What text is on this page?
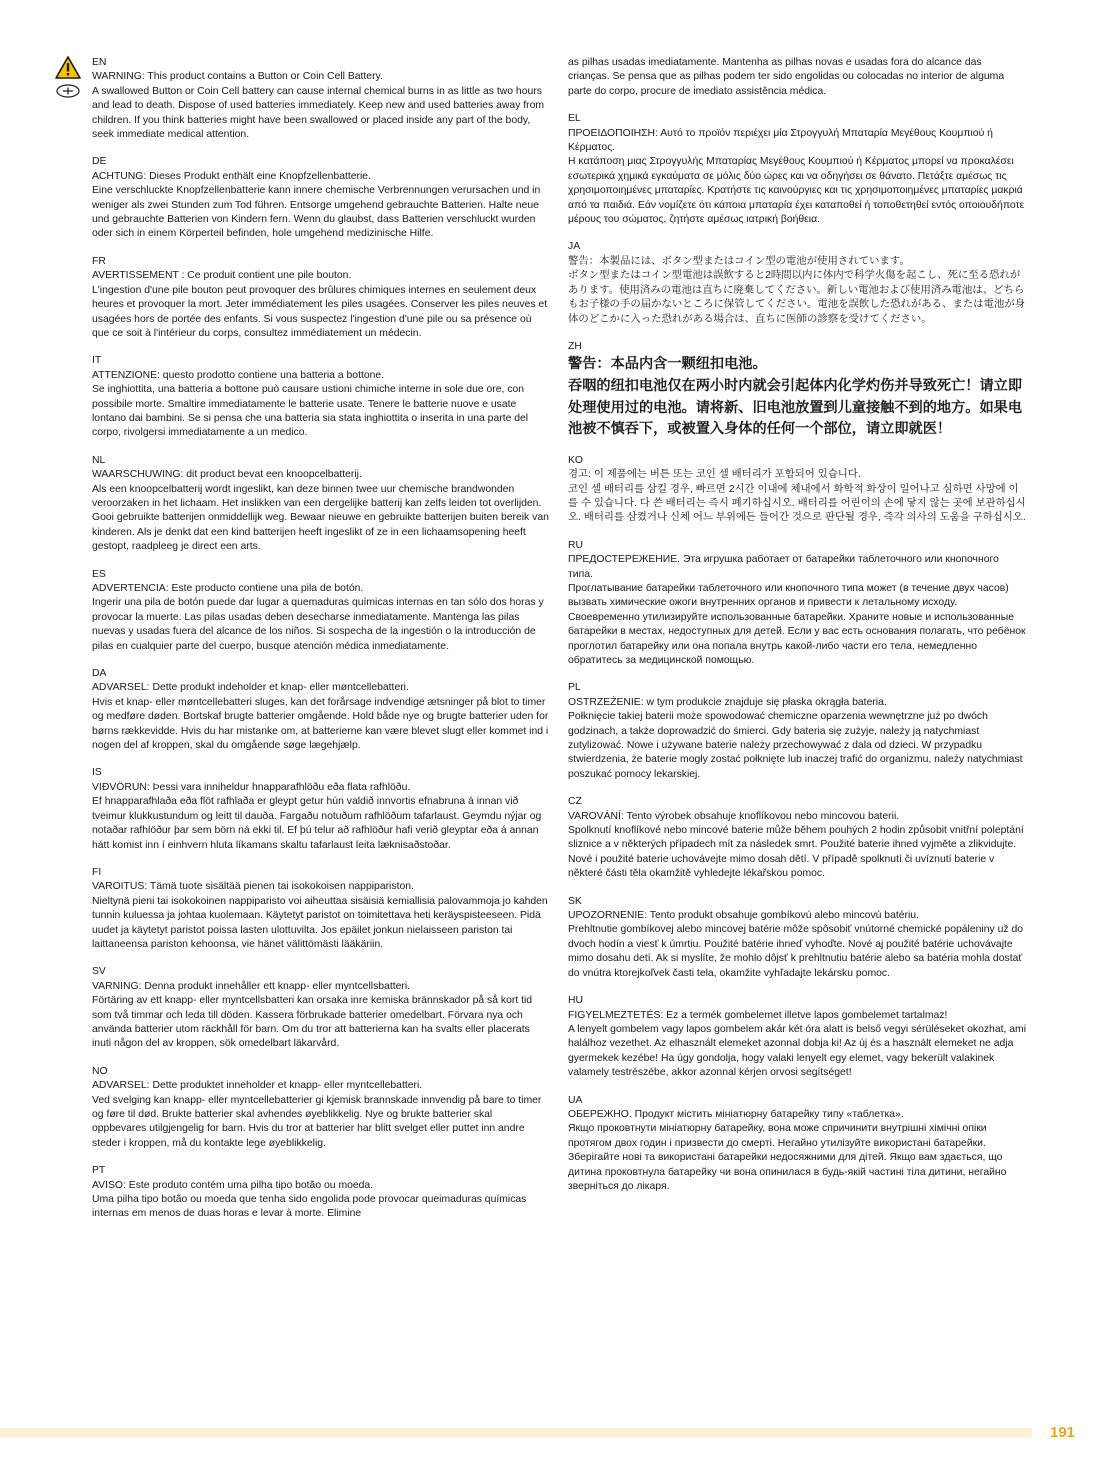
EN

WARNING: This product contains a Button or Coin Cell Battery.

A swallowed Button or Coin Cell battery can cause internal chemical burns in as little as two hours and lead to death. Dispose of used batteries immediately. Keep new and used batteries away from children. If you think batteries might have been swallowed or placed inside any part of the body, seek immediate medical attention.

DE

ACHTUNG: Dieses Produkt enthält eine Knopfzellenbatterie.

Eine verschluckte Knopfzellenbatterie kann innere chemische Verbrennungen verursachen und in weniger als zwei Stunden zum Tod führen. Entsorge umgehend gebrauchte Batterien. Halte neue und gebrauchte Batterien von Kindern fern. Wenn du glaubst, dass Batterien verschluckt wurden oder sich in einem Körperteil befinden, hole umgehend medizinische Hilfe.

FR

AVERTISSEMENT : Ce produit contient une pile bouton.

L'ingestion d'une pile bouton peut provoquer des brûlures chimiques internes en seulement deux heures et provoquer la mort. Jeter immédiatement les piles usagées. Conserver les piles neuves et usagées hors de portée des enfants. Si vous suspectez l'ingestion d'une pile ou sa présence où que ce soit à l'intérieur du corps, consultez immédiatement un médecin.

IT

ATTENZIONE: questo prodotto contiene una batteria a bottone.

Se inghiottita, una batteria a bottone può causare ustioni chimiche interne in sole due ore, con possibile morte. Smaltire immediatamente le batterie usate. Tenere le batterie nuove e usate lontano dai bambini. Se si pensa che una batteria sia stata inghiottita o inserita in una parte del corpo, rivolgersi immediatamente a un medico.

NL

WAARSCHUWING: dit product bevat een knoopcelbatterij.

Als een knoopcelbatterij wordt ingeslikt, kan deze binnen twee uur chemische brandwonden veroorzaken in het lichaam. Het inslikken van een dergelijke batterij kan zelfs leiden tot overlijden. Gooi gebruikte batterijen onmiddellijk weg. Bewaar nieuwe en gebruikte batterijen buiten bereik van kinderen. Als je denkt dat een kind batterijen heeft ingeslikt of ze in een lichaamsopening heeft gestopt, raadpleeg je direct een arts.

ES

ADVERTENCIA: Este producto contiene una pila de botón.

Ingerir una pila de botón puede dar lugar a quemaduras químicas internas en tan sólo dos horas y provocar la muerte. Las pilas usadas deben desecharse inmediatamente. Mantenga las pilas nuevas y usadas fuera del alcance de los niños. Si sospecha de la ingestión o la introducción de pilas en cualquier parte del cuerpo, busque atención médica inmediatamente.

DA

ADVARSEL: Dette produkt indeholder et knap- eller møntcellebatteri.

Hvis et knap- eller møntcellebatteri sluges, kan det forårsage indvendige ætsninger på blot to timer og medføre døden. Bortskaf brugte batterier omgående. Hold både nye og brugte batterier uden for børns rækkevidde. Hvis du har mistanke om, at batterierne kan være blevet slugt eller kommet ind i nogen del af kroppen, skal du omgående søge lægehjælp.

IS

VIÐVÖRUN: Þessi vara inniheldur hnapparafhlöðu eða flata rafhlöðu.

Ef hnapparafhlaða eða flöt rafhlaða er gleypt getur hún valdið innvortis efnabruna á innan við tveimur klukkustundum og leitt til dauða. Fargaðu notuðum rafhlöðum tafarlaust. Geymdu nýjar og notaðar rafhlöður þar sem börn ná ekki til. Ef þú telur að rafhlöður hafi verið gleyptar eða á annan hátt komist inn í einhvern hluta líkamans skaltu tafarlaust leita læknisaðstoðar.

FI

VAROITUS: Tämä tuote sisältää pienen tai isokokoisen nappipariston.

Nieltynä pieni tai isokokoinen nappiparisto voi aiheuttaa sisäisiä kemiallisia palovammoja jo kahden tunnin kuluessa ja johtaa kuolemaan. Käytetyt paristot on toimitettava heti keräyspisteeseen. Pidä uudet ja käytetyt paristot poissa lasten ulottuvilta. Jos epäilet jonkun nielaisseen pariston tai laittaneensa pariston kehoonsa, vie hänet välittömästi lääkäriin.

SV

VARNING: Denna produkt innehåller ett knapp- eller myntcellsbatteri.

Förtäring av ett knapp- eller myntcellsbatteri kan orsaka inre kemiska brännskador på så kort tid som två timmar och leda till döden. Kassera förbrukade batterier omedelbart. Förvara nya och använda batterier utom räckhåll för barn. Om du tror att batterierna kan ha svalts eller placerats inuti någon del av kroppen, sök omedelbart läkarvård.

NO

ADVARSEL: Dette produktet inneholder et knapp- eller myntcellebatteri.

Ved svelging kan knapp- eller myntcellebatterier gi kjemisk brannskade innvendig på bare to timer og føre til død. Brukte batterier skal avhendes øyeblikkelig. Nye og brukte batterier skal oppbevares utilgjengelig for barn. Hvis du tror at batterier har blitt svelget eller puttet inn andre steder i kroppen, må du kontakte lege øyeblikkelig.

PT

AVISO: Este produto contém uma pilha tipo botão ou moeda.

Uma pilha tipo botão ou moeda que tenha sido engolida pode provocar queimaduras químicas internas em menos de duas horas e levar à morte. Elimine

as pilhas usadas imediatamente. Mantenha as pilhas novas e usadas fora do alcance das crianças. Se pensa que as pilhas podem ter sido engolidas ou colocadas no interior de alguma parte do corpo, procure de imediato assistência médica.

EL

ΠΡΟΕΙΔΟΠΟΙΗΣΗ: Αυτό το προϊόν περιέχει μία Στρογγυλή Μπαταρία Μεγέθους Κουμπιού ή Κέρματος.

Η κατάποση μιας Στρογγυλής Μπαταρίας Μεγέθους Κουμπιού ή Κέρματος μπορεί να προκαλέσει εσωτερικά χημικά εγκαύματα σε μόλις δύο ώρες και να οδηγήσει σε θάνατο. Πετάξτε αμέσως τις χρησιμοποιημένες μπαταρίες. Κρατήστε τις καινούργιες και τις χρησιμοποιημένες μπαταρίες μακριά από τα παιδιά. Εάν νομίζετε ότι κάποια μπαταρία έχει καταποθεί ή τοποθετηθεί εντός οποιουδήποτε μέρους του σώματος, ζητήστε αμέσως ιατρική βοήθεια.

JA

警告：本製品には、ボタン型またはコイン型の電池が使用されています。

ボタン型またはコイン型電池は誤飲すると2時間以内に体内で科学火傷を起こし、死に至る恐れがあります。使用済みの電池は直ちに廃棄してください。新しい電池および使用済み電池は、どちらもお子様の手の届かないところに保管してください。電池を誤飲した恐れがある、または電池が身体のどこかに入った恐れがある場合は、直ちに医師の診察を受けてください。

ZH

警告：本品内含一颗纽扣电池。

吞咽的纽扣电池仅在两小时内就会引起体内化学灼伤并导致死亡！请立即处理使用过的电池。请将新、旧电池放置到儿童接触不到的地方。如果电池被不慎吞下，或被置入身体的任何一个部位，请立即就医！

KO

경고: 이 제품에는 버튼 또는 코인 셀 배터리가 포함되어 있습니다.

코인 셀 배터리를 삼킬 경우, 빠르면 2시간 이내에 체내에서 화학적 화상이 일어나고 심하면 사망에 이를 수 있습니다. 다 쓴 배터리는 즉시 폐기하십시오. 배터리를 어린이의 손에 닿지 않는 곳에 보관하십시오. 배터리를 삼켰거나 신체 어느 부위에든 들어간 것으로 판단될 경우, 즉각 의사의 도움을 구하십시오.

RU

ПРЕДОСТЕРЕЖЕНИЕ. Эта игрушка работает от батарейки таблеточного или кнопочного типа.

Проглатывание батарейки таблеточного или кнопочного типа может (в течение двух часов) вызвать химические ожоги внутренних органов и привести к летальному исходу. Своевременно утилизируйте использованные батарейки. Храните новые и использованные батарейки в местах, недоступных для детей. Если у вас есть основания полагать, что ребёнок проглотил батарейку или она попала внутрь какой-либо части его тела, немедленно обратитесь за медицинской помощью.

PL

OSTRZEŻENIE: w tym produkcie znajduje się płaska okrągła bateria.

Połknięcie takiej baterii może spowodować chemiczne oparzenia wewnętrzne już po dwóch godzinach, a także doprowadzić do śmierci. Gdy bateria się zużyje, należy ją natychmiast zutylizować. Nowe i używane baterie należy przechowywać z dala od dzieci. W przypadku stwierdzenia, że baterie mogły zostać połknięte lub inaczej trafić do organizmu, należy natychmiast poszukać pomocy lekarskiej.

CZ

VAROVÁNÍ: Tento výrobek obsahuje knoflíkovou nebo mincovou baterii.

Spolknutí knoflíkové nebo mincové baterie může během pouhých 2 hodin způsobit vnitřní poleptání sliznice a v některých případech mít za následek smrt. Použité baterie ihned vyjměte a zlikvidujte. Nové i použité baterie uchovávejte mimo dosah dětí. V případě spolknutí či uvíznutí baterie v některé části těla okamžitě vyhledejte lékařskou pomoc.

SK

UPOZORNENIE: Tento produkt obsahuje gombíkovú alebo mincovú batériu.

Prehltnutie gombíkovej alebo mincovej batérie môže spôsobiť vnútorné chemické popáleniny už do dvoch hodín a viesť k úmrtiu. Použité batérie ihneď vyhoďte. Nové aj použité batérie uchovávajte mimo dosahu detí. Ak si myslíte, že mohlo dôjsť k prehltnutiu batérie alebo sa batéria mohla dostať do vnútra ktorejkoľvek časti tela, okamžite vyhľadajte lekársku pomoc.

HU

FIGYELMEZTETÉS: Ez a termék gombelemet illetve lapos gombelemet tartalmaz!

A lenyelt gombelem vagy lapos gombelem akár két óra alatt is belső vegyi sérüléseket okozhat, ami halálhoz vezethet. Az elhasznált elemeket azonnal dobja ki! Az új és a használt elemeket ne adja gyermekek kezébe! Ha úgy gondolja, hogy valaki lenyelt egy elemet, vagy bekerült valakinek valamely testrészébe, akkor azonnal kérjen orvosi segítséget!

UA

ОБЕРЕЖНО. Продукт містить мініатюрну батарейку типу «таблетка».

Якщо проковтнути мініатюрну батарейку, вона може спричинити внутрішні хімічні опіки протягом двох годин і призвести до смерті. Негайно утилізуйте використані батарейки. Зберігайте нові та використані батарейки недосяжними для дітей. Якщо вам здається, що дитина проковтнула батарейку чи вона опинилася в будь-якій частині тіла дитини, негайно зверніться до лікаря.

191
